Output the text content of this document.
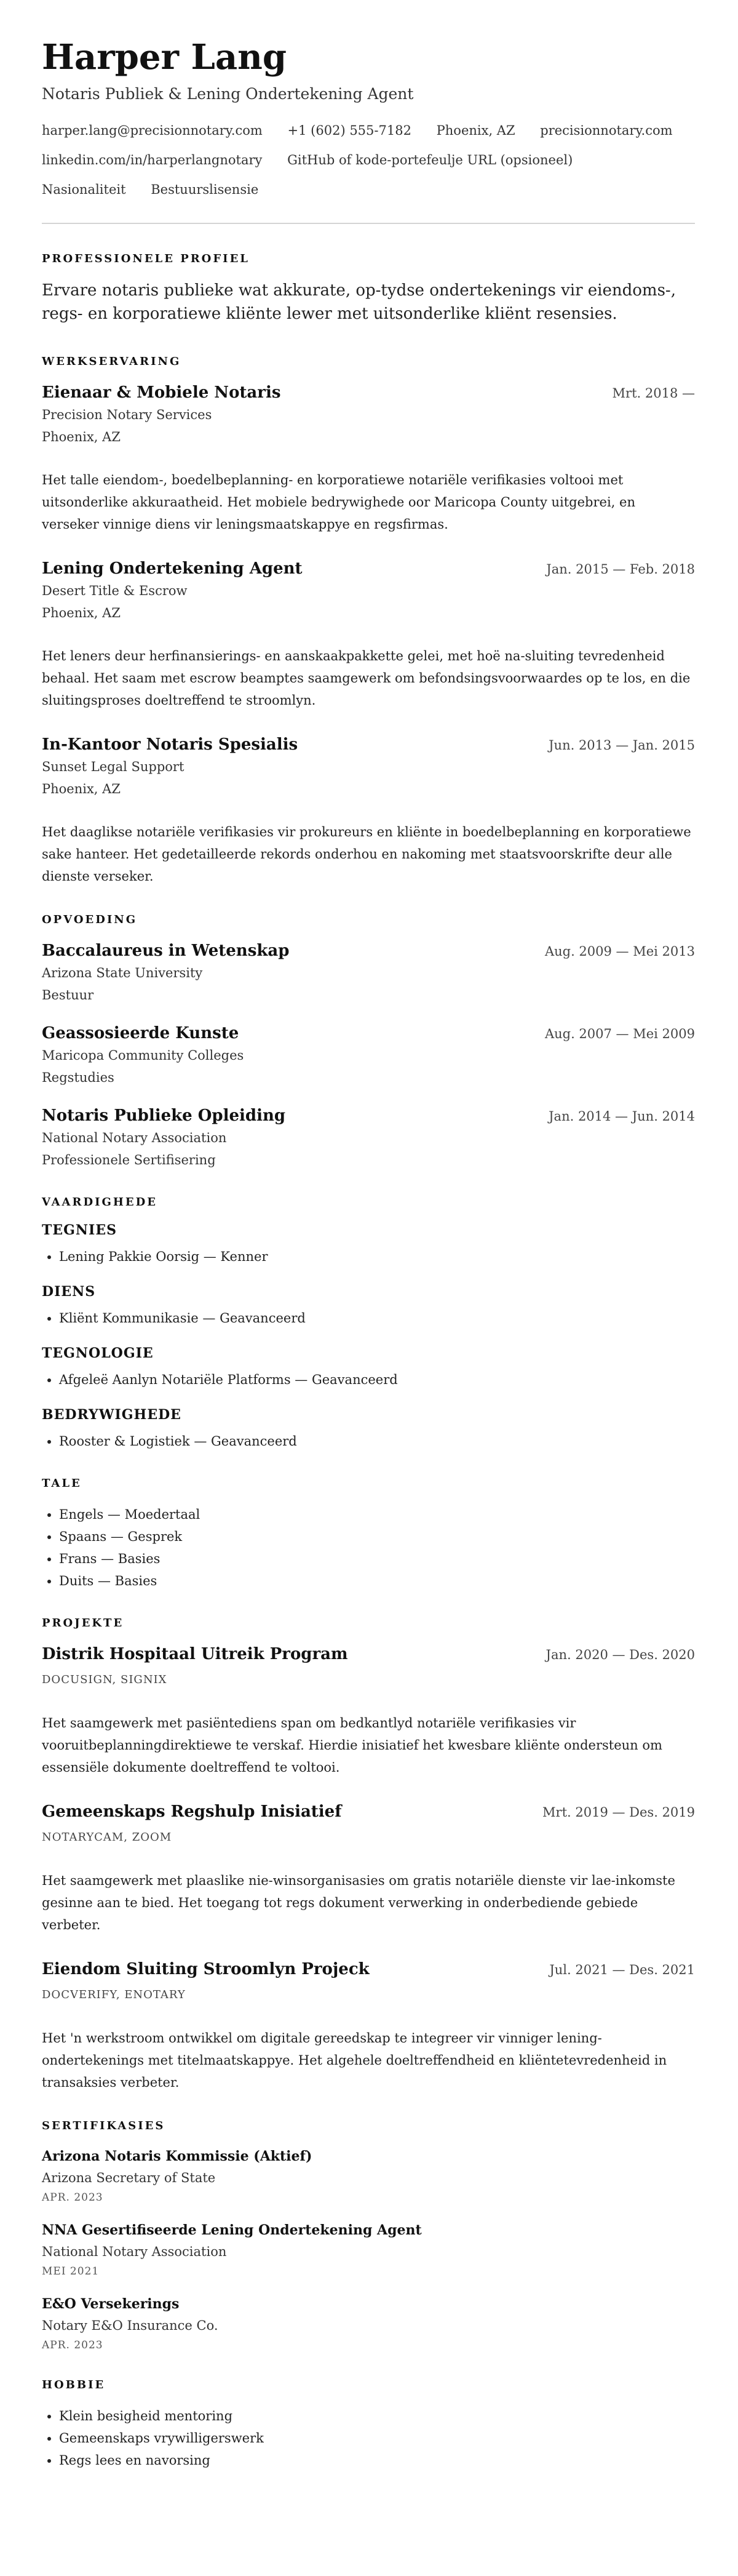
Harper Lang
Notaris Publiek & Lening Ondertekening Agent
harper.lang@precisionnotary.com +1 (602) 555-7182 Phoenix, AZ precisionnotary.com linkedin.com/in/harperlangnotary GitHub of kode-portefeulje URL (opsioneel) Nasionaliteit Bestuurslisensie
PROFESSIONELE PROFIEL
Ervare notaris publieke wat akkurate, op-tydse ondertekenings vir eiendoms-, regs- en korporatiewe kliënte lewer met uitsonderlike kliënt resensies.
WERKSERVARING
Eienaar & Mobiele Notaris	Mrt. 2018 —
Precision Notary Services
Phoenix, AZ
Het talle eiendom-, boedelbeplanning- en korporatiewe notariële verifikasies voltooi met uitsonderlike akkuraatheid. Het mobiele bedrywighede oor Maricopa County uitgebrei, en verseker vinnige diens vir leningsmaatskappye en regsfirmas.
Lening Ondertekening Agent	Jan. 2015 — Feb. 2018
Desert Title & Escrow
Phoenix, AZ
Het leners deur herfinansierings- en aanskaakpakkette gelei, met hoë na-sluiting tevredenheid behaal. Het saam met escrow beamptes saamgewerk om befondsingsvoorwaardes op te los, en die sluitingsproses doeltreffend te stroomlyn.
In-Kantoor Notaris Spesialis	Jun. 2013 — Jan. 2015
Sunset Legal Support
Phoenix, AZ
Het daaglikse notariële verifikasies vir prokureurs en kliënte in boedelbeplanning en korporatiewe sake hanteer. Het gedetailleerde rekords onderhou en nakoming met staatsvoorskrifte deur alle dienste verseker.
OPVOEDING
Baccalaureus in Wetenskap	Aug. 2009 — Mei 2013
Arizona State University
Bestuur
Geassosieerde Kunste	Aug. 2007 — Mei 2009
Maricopa Community Colleges
Regstudies
Notaris Publieke Opleiding	Jan. 2014 — Jun. 2014
National Notary Association
Professionele Sertifisering
VAARDIGHEDE
TEGNIES
• Lening Pakkie Oorsig — Kenner
DIENS
• Kliënt Kommunikasie — Geavanceerd
TEGNOLOGIE
• Afgeleë Aanlyn Notariële Platforms — Geavanceerd
BEDRYWIGHEDE
• Rooster & Logistiek — Geavanceerd
TALE
• Engels — Moedertaal
• Spaans — Gesprek
• Frans — Basies
• Duits — Basies
PROJEKTE
Distrik Hospitaal Uitreik Program	Jan. 2020 — Des. 2020
DOCUSIGN, SIGNIX
Het saamgewerk met pasiëntediens span om bedkantlyd notariële verifikasies vir vooruitbeplanningdirektiewe te verskaf. Hierdie inisiatief het kwesbare kliënte ondersteun om essensiële dokumente doeltreffend te voltooi.
Gemeenskaps Regshulp Inisiatief	Mrt. 2019 — Des. 2019
NOTARYCAM, ZOOM
Het saamgewerk met plaaslike nie-winsorganisasies om gratis notariële dienste vir lae-inkomste gesinne aan te bied. Het toegang tot regs dokument verwerking in onderbediende gebiede verbeter.
Eiendom Sluiting Stroomlyn Projeck	Jul. 2021 — Des. 2021
DOCVERIFY, ENOTARY
Het 'n werkstroom ontwikkel om digitale gereedskap te integreer vir vinniger lening-ondertekenings met titelmaatskappye. Het algehele doeltreffendheid en kliëntetevredenheid in transaksies verbeter.
SERTIFIKASIES
Arizona Notaris Kommissie (Aktief)
Arizona Secretary of State
APR. 2023
NNA Gesertifiseerde Lening Ondertekening Agent
National Notary Association
MEI 2021
E&O Versekerings
Notary E&O Insurance Co.
APR. 2023
HOBBIE
• Klein besigheid mentoring
• Gemeenskaps vrywilligerswerk
• Regs lees en navorsing
